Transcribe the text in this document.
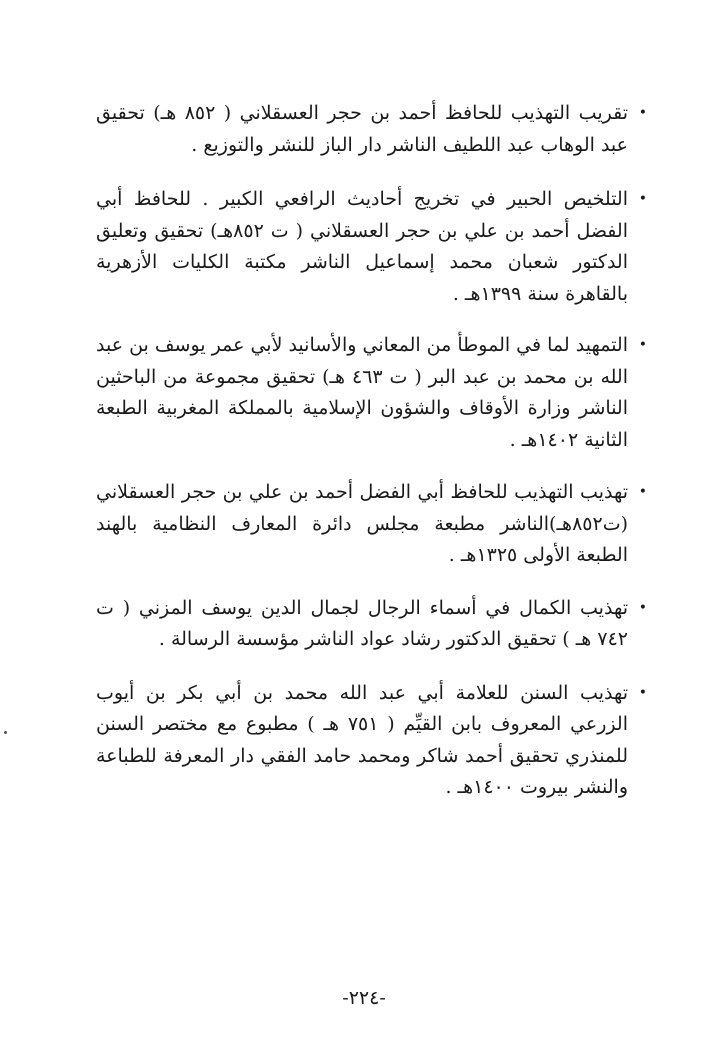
•
تقريب التهذيب للحافظ أحمد بن حجر العسقلاني ( ٨٥٢ هـ) تحقيق عبد الوهاب عبد اللطيف الناشر دار الباز للنشر والتوزيع .
•
التلخيص الحبير في تخريج أحاديث الرافعي الكبير . للحافظ أبي الفضل أحمد بن علي بن حجر العسقلاني ( ت ٨٥٢هـ) تحقيق وتعليق الدكتور شعبان محمد إسماعيل الناشر مكتبة الكليات الأزهرية بالقاهرة سنة ١٣٩٩هـ .
•
التمهيد لما في الموطأ من المعاني والأسانيد لأبي عمر يوسف بن عبد الله بن محمد بن عبد البر ( ت ٤٦٣ هـ) تحقيق مجموعة من الباحثين الناشر وزارة الأوقاف والشؤون الإسلامية بالمملكة المغربية الطبعة الثانية ١٤٠٢هـ .
•
تهذيب التهذيب للحافظ أبي الفضل أحمد بن علي بن حجر العسقلاني (ت٨٥٢هـ)الناشر مطبعة مجلس دائرة المعارف النظامية بالهند الطبعة الأولى ١٣٢٥هـ .
•
تهذيب الكمال في أسماء الرجال لجمال الدين يوسف المزني ( ت ٧٤٢ هـ ) تحقيق الدكتور رشاد عواد الناشر مؤسسة الرسالة .
•
تهذيب السنن للعلامة أبي عبد الله محمد بن أبي بكر بن أيوب الزرعي المعروف بابن القيِّم ( ٧٥١ هـ ) مطبوع مع مختصر السنن للمنذري تحقيق أحمد شاكر ومحمد حامد الفقي دار المعرفة للطباعة والنشر بيروت ١٤٠٠هـ .
-٢٢٤-
